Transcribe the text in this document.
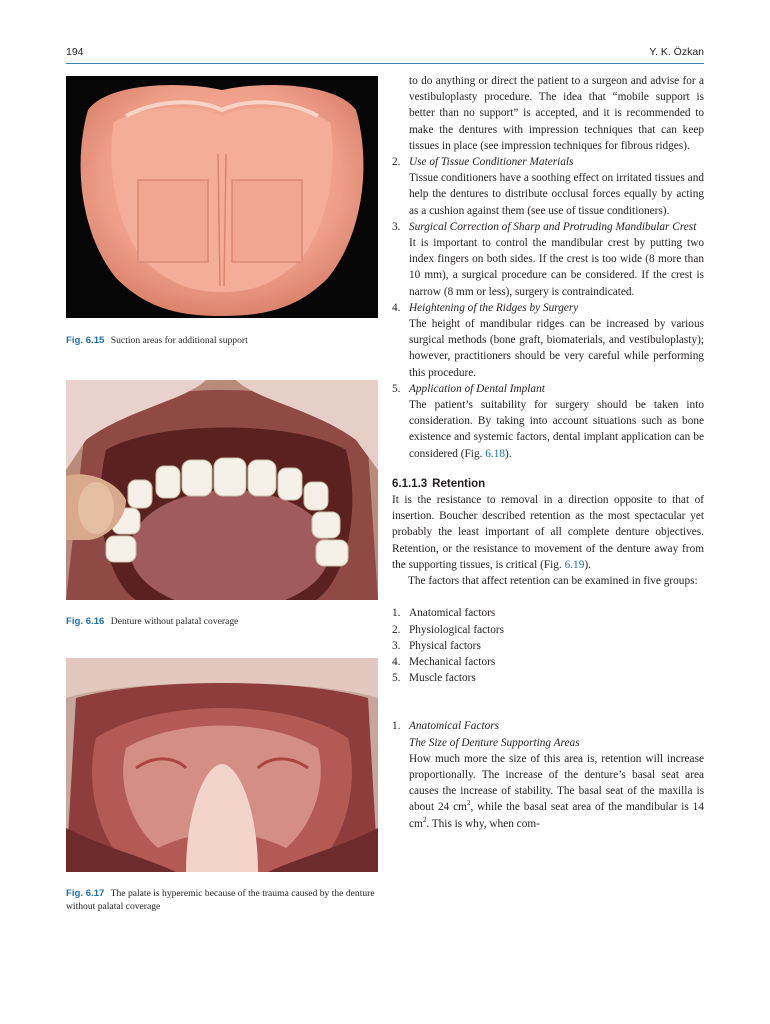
194	Y. K. Özkan
Fig. 6.15 Suction areas for additional support
Fig. 6.16 Denture without palatal coverage
Fig. 6.17 The palate is hyperemic because of the trauma caused by the denture without palatal coverage

to do anything or direct the patient to a surgeon and advise for a vestibuloplasty procedure. The idea that “mobile support is better than no support” is accepted, and it is recommended to make the dentures with impression techniques that can keep tissues in place (see impression techniques for fibrous ridges).

2. Use of Tissue Conditioner Materials

Tissue conditioners have a soothing effect on irritated tissues and help the dentures to distribute occlusal forces equally by acting as a cushion against them (see use of tissue conditioners).

3. Surgical Correction of Sharp and Protruding Mandibular Crest

It is important to control the mandibular crest by putting two index fingers on both sides. If the crest is too wide (8 more than 10 mm), a surgical procedure can be considered. If the crest is narrow (8 mm or less), surgery is contraindicated.

4. Heightening of the Ridges by Surgery

The height of mandibular ridges can be increased by various surgical methods (bone graft, biomaterials, and vestibuloplasty); however, practitioners should be very careful while performing this procedure.

5. Application of Dental Implant

The patient’s suitability for surgery should be taken into consideration. By taking into account situations such as bone existence and systemic factors, dental implant application can be considered (Fig. 6.18).

6.1.1.3 Retention

It is the resistance to removal in a direction opposite to that of insertion. Boucher described retention as the most spectacular yet probably the least important of all complete denture objectives. Retention, or the resistance to movement of the denture away from the supporting tissues, is critical (Fig. 6.19).

The factors that affect retention can be examined in five groups:

1. Anatomical factors
2. Physiological factors
3. Physical factors
4. Mechanical factors
5. Muscle factors
1. Anatomical Factors

The Size of Denture Supporting Areas

How much more the size of this area is, retention will increase proportionally. The increase of the denture’s basal seat area causes the increase of stability. The basal seat of the maxilla is about 24 $cm^2$, while the basal seat area of the mandibular is 14 $cm^2$. This is why, when com-
